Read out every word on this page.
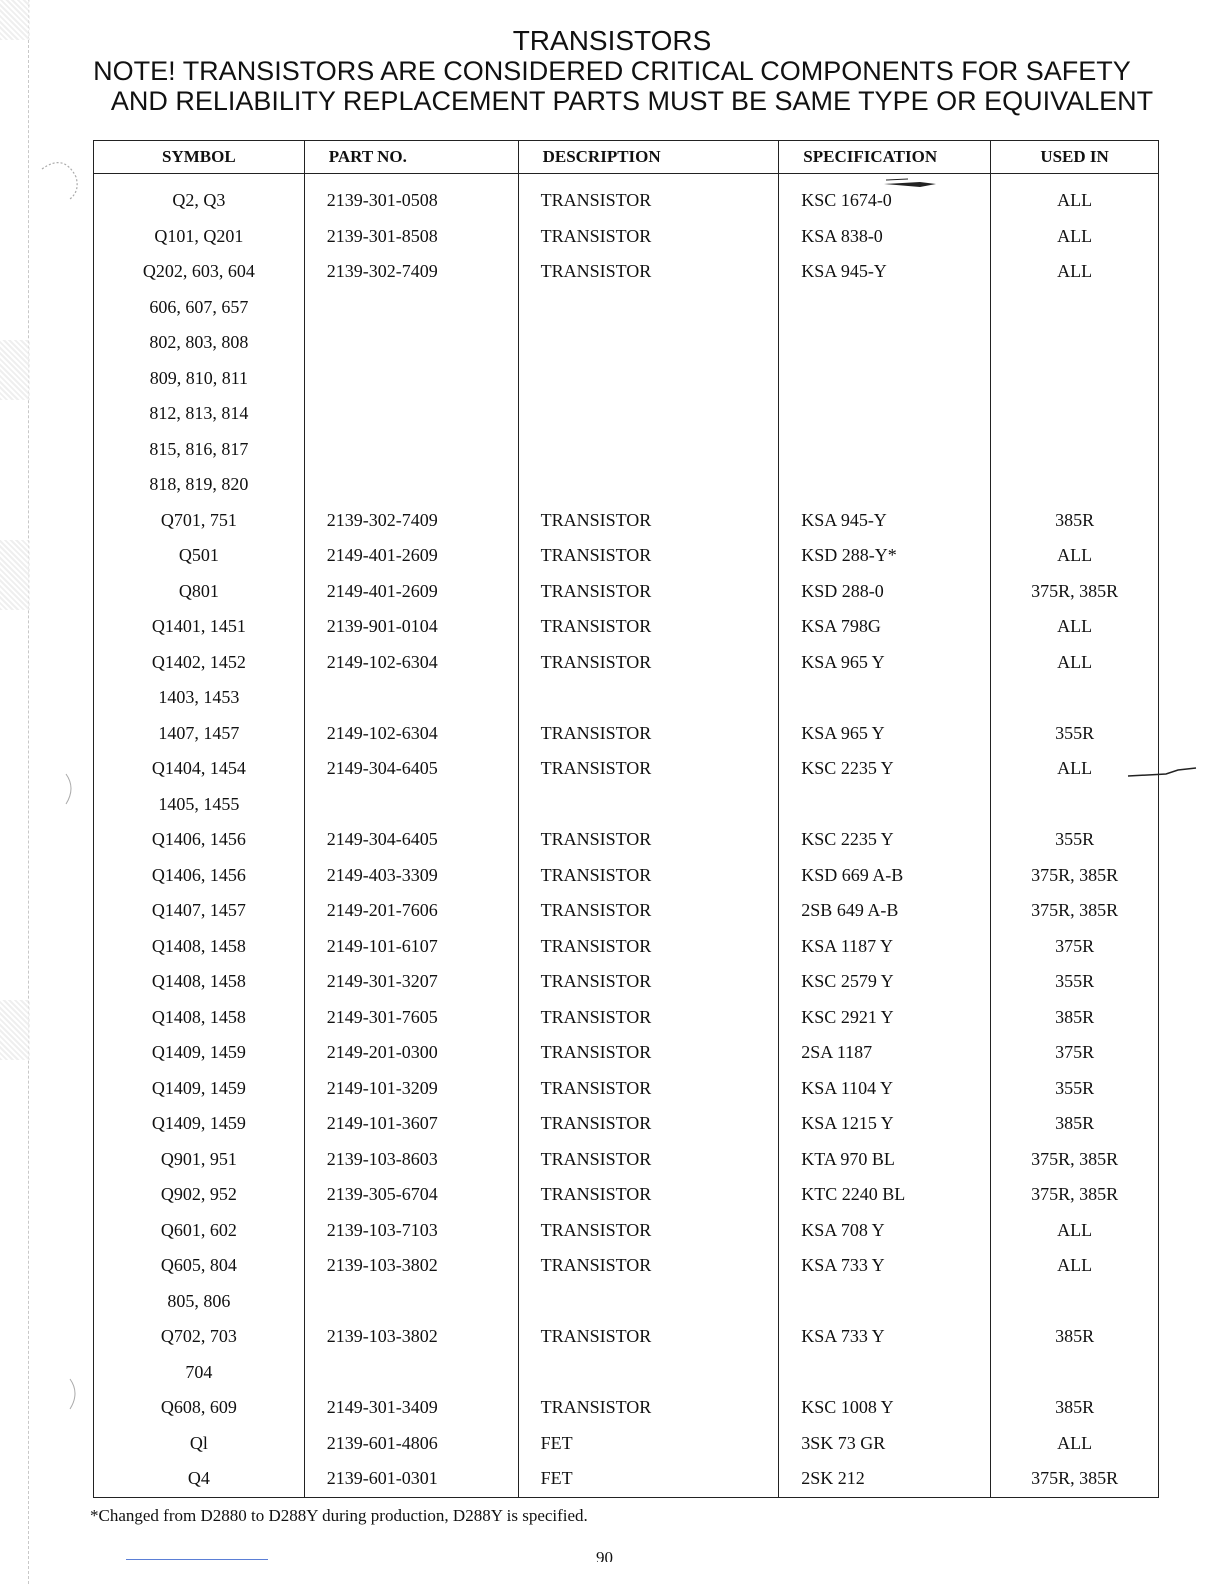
TRANSISTORS
NOTE! TRANSISTORS ARE CONSIDERED CRITICAL COMPONENTS FOR SAFETY
AND RELIABILITY REPLACEMENT PARTS MUST BE SAME TYPE OR EQUIVALENT
SYMBOL	PART NO.	DESCRIPTION	SPECIFICATION	USED IN
Q2, Q3	2139-301-0508	TRANSISTOR	KSC 1674-0	ALL
Q101, Q201	2139-301-8508	TRANSISTOR	KSA 838-0	ALL
Q202, 603, 604	2139-302-7409	TRANSISTOR	KSA 945-Y	ALL
606, 607, 657				
802, 803, 808				
809, 810, 811				
812, 813, 814				
815, 816, 817				
818, 819, 820				
Q701, 751	2139-302-7409	TRANSISTOR	KSA 945-Y	385R
Q501	2149-401-2609	TRANSISTOR	KSD 288-Y*	ALL
Q801	2149-401-2609	TRANSISTOR	KSD 288-0	375R, 385R
Q1401, 1451	2139-901-0104	TRANSISTOR	KSA 798G	ALL
Q1402, 1452	2149-102-6304	TRANSISTOR	KSA 965 Y	ALL
1403, 1453				
1407, 1457	2149-102-6304	TRANSISTOR	KSA 965 Y	355R
Q1404, 1454	2149-304-6405	TRANSISTOR	KSC 2235 Y	ALL
1405, 1455				
Q1406, 1456	2149-304-6405	TRANSISTOR	KSC 2235 Y	355R
Q1406, 1456	2149-403-3309	TRANSISTOR	KSD 669 A-B	375R, 385R
Q1407, 1457	2149-201-7606	TRANSISTOR	2SB 649 A-B	375R, 385R
Q1408, 1458	2149-101-6107	TRANSISTOR	KSA 1187 Y	375R
Q1408, 1458	2149-301-3207	TRANSISTOR	KSC 2579 Y	355R
Q1408, 1458	2149-301-7605	TRANSISTOR	KSC 2921 Y	385R
Q1409, 1459	2149-201-0300	TRANSISTOR	2SA 1187	375R
Q1409, 1459	2149-101-3209	TRANSISTOR	KSA 1104 Y	355R
Q1409, 1459	2149-101-3607	TRANSISTOR	KSA 1215 Y	385R
Q901, 951	2139-103-8603	TRANSISTOR	KTA 970 BL	375R, 385R
Q902, 952	2139-305-6704	TRANSISTOR	KTC 2240 BL	375R, 385R
Q601, 602	2139-103-7103	TRANSISTOR	KSA 708 Y	ALL
Q605, 804	2139-103-3802	TRANSISTOR	KSA 733 Y	ALL
805, 806				
Q702, 703	2139-103-3802	TRANSISTOR	KSA 733 Y	385R
704				
Q608, 609	2149-301-3409	TRANSISTOR	KSC 1008 Y	385R
Ql	2139-601-4806	FET	3SK 73 GR	ALL
Q4	2139-601-0301	FET	2SK 212	375R, 385R
*Changed from D2880 to D288Y during production, D288Y is specified.
90
